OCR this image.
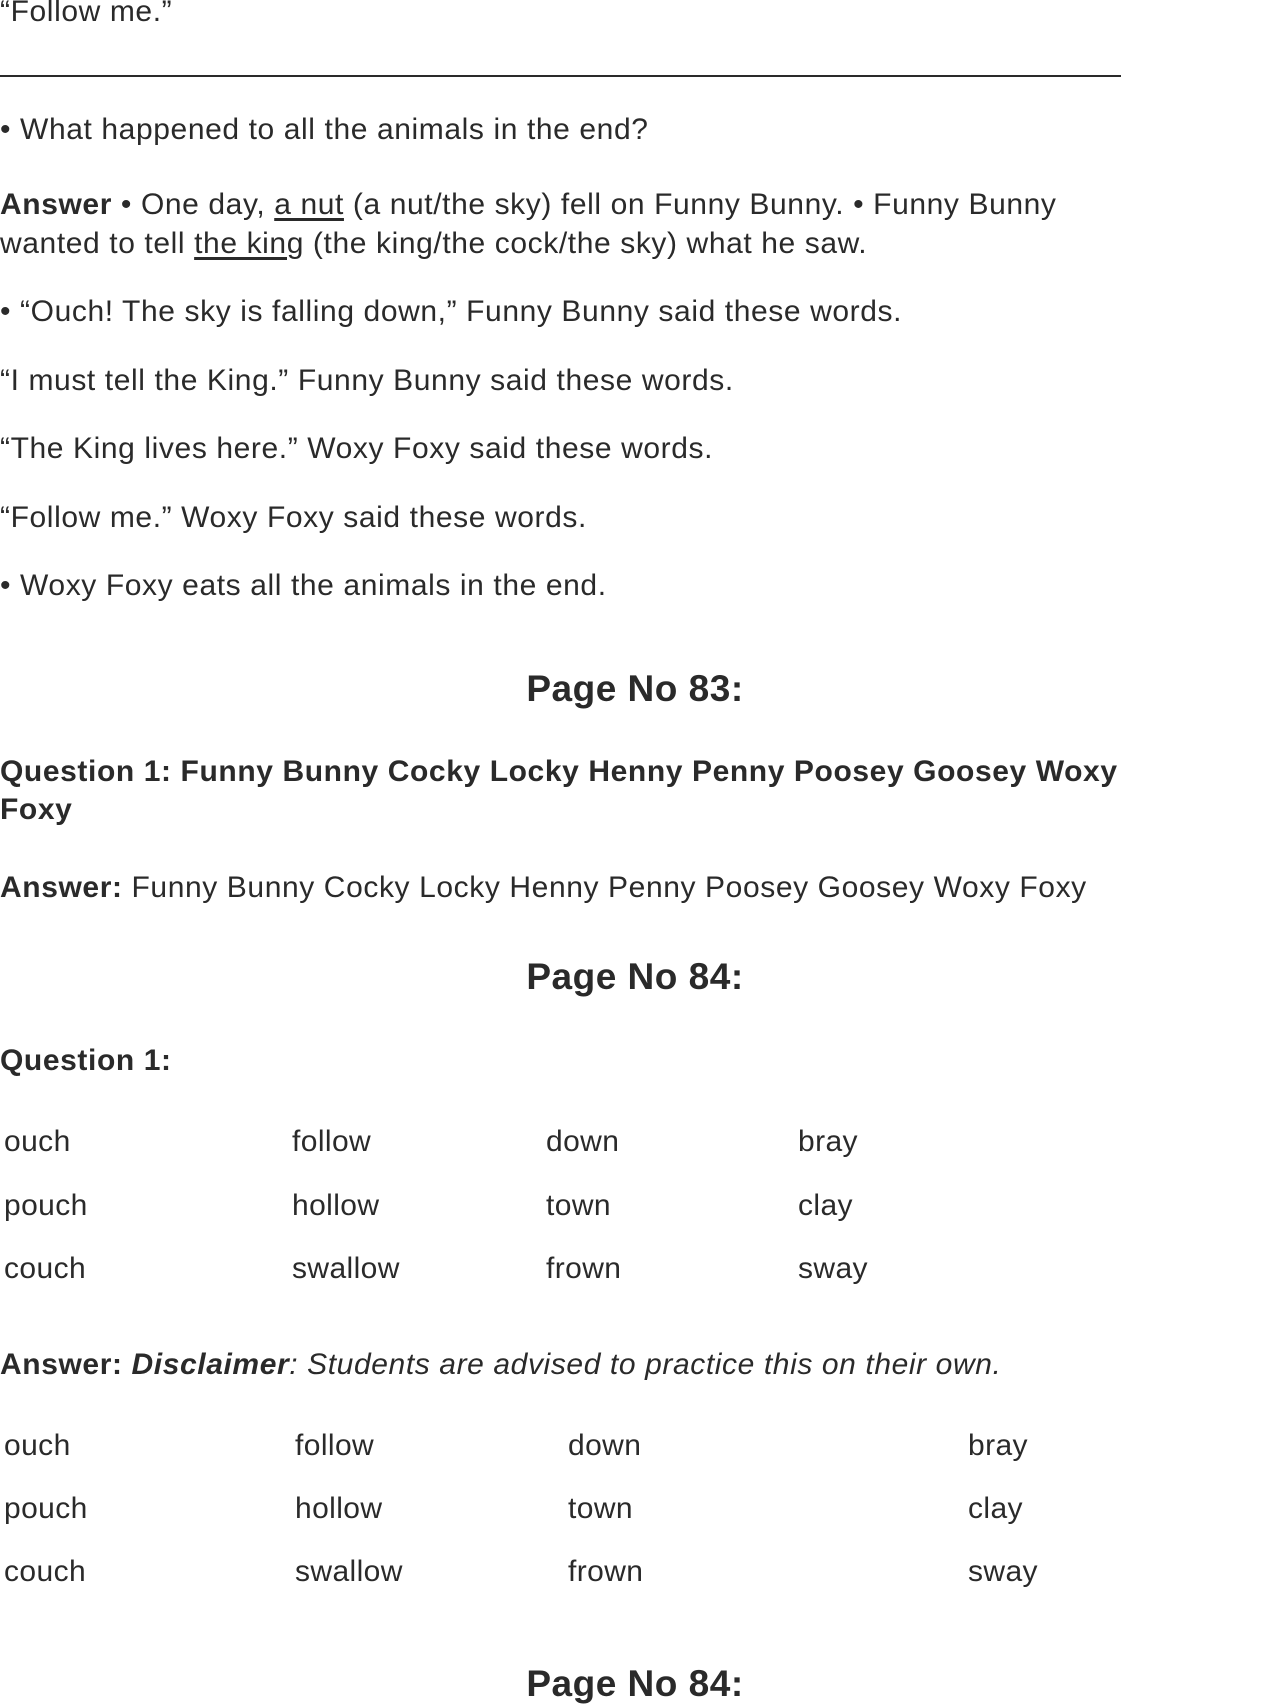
“Follow me.”
• What happened to all the animals in the end?
Answer • One day, a nut (a nut/the sky) fell on Funny Bunny. • Funny Bunny
wanted to tell the king (the king/the cock/the sky) what he saw.
• “Ouch! The sky is falling down,” Funny Bunny said these words.
“I must tell the King.” Funny Bunny said these words.
“The King lives here.” Woxy Foxy said these words.
“Follow me.” Woxy Foxy said these words.
• Woxy Foxy eats all the animals in the end.
Page No 83:
Question 1: Funny Bunny Cocky Locky Henny Penny Poosey Goosey Woxy
Foxy
Answer: Funny Bunny Cocky Locky Henny Penny Poosey Goosey Woxy Foxy
Page No 84:
Question 1:
ouch	follow	down	bray
pouch	hollow	town	clay
couch	swallow	frown	sway
Answer: Disclaimer: Students are advised to practice this on their own.
ouch	follow	down	bray
pouch	hollow	town	clay
couch	swallow	frown	sway
Page No 84:
